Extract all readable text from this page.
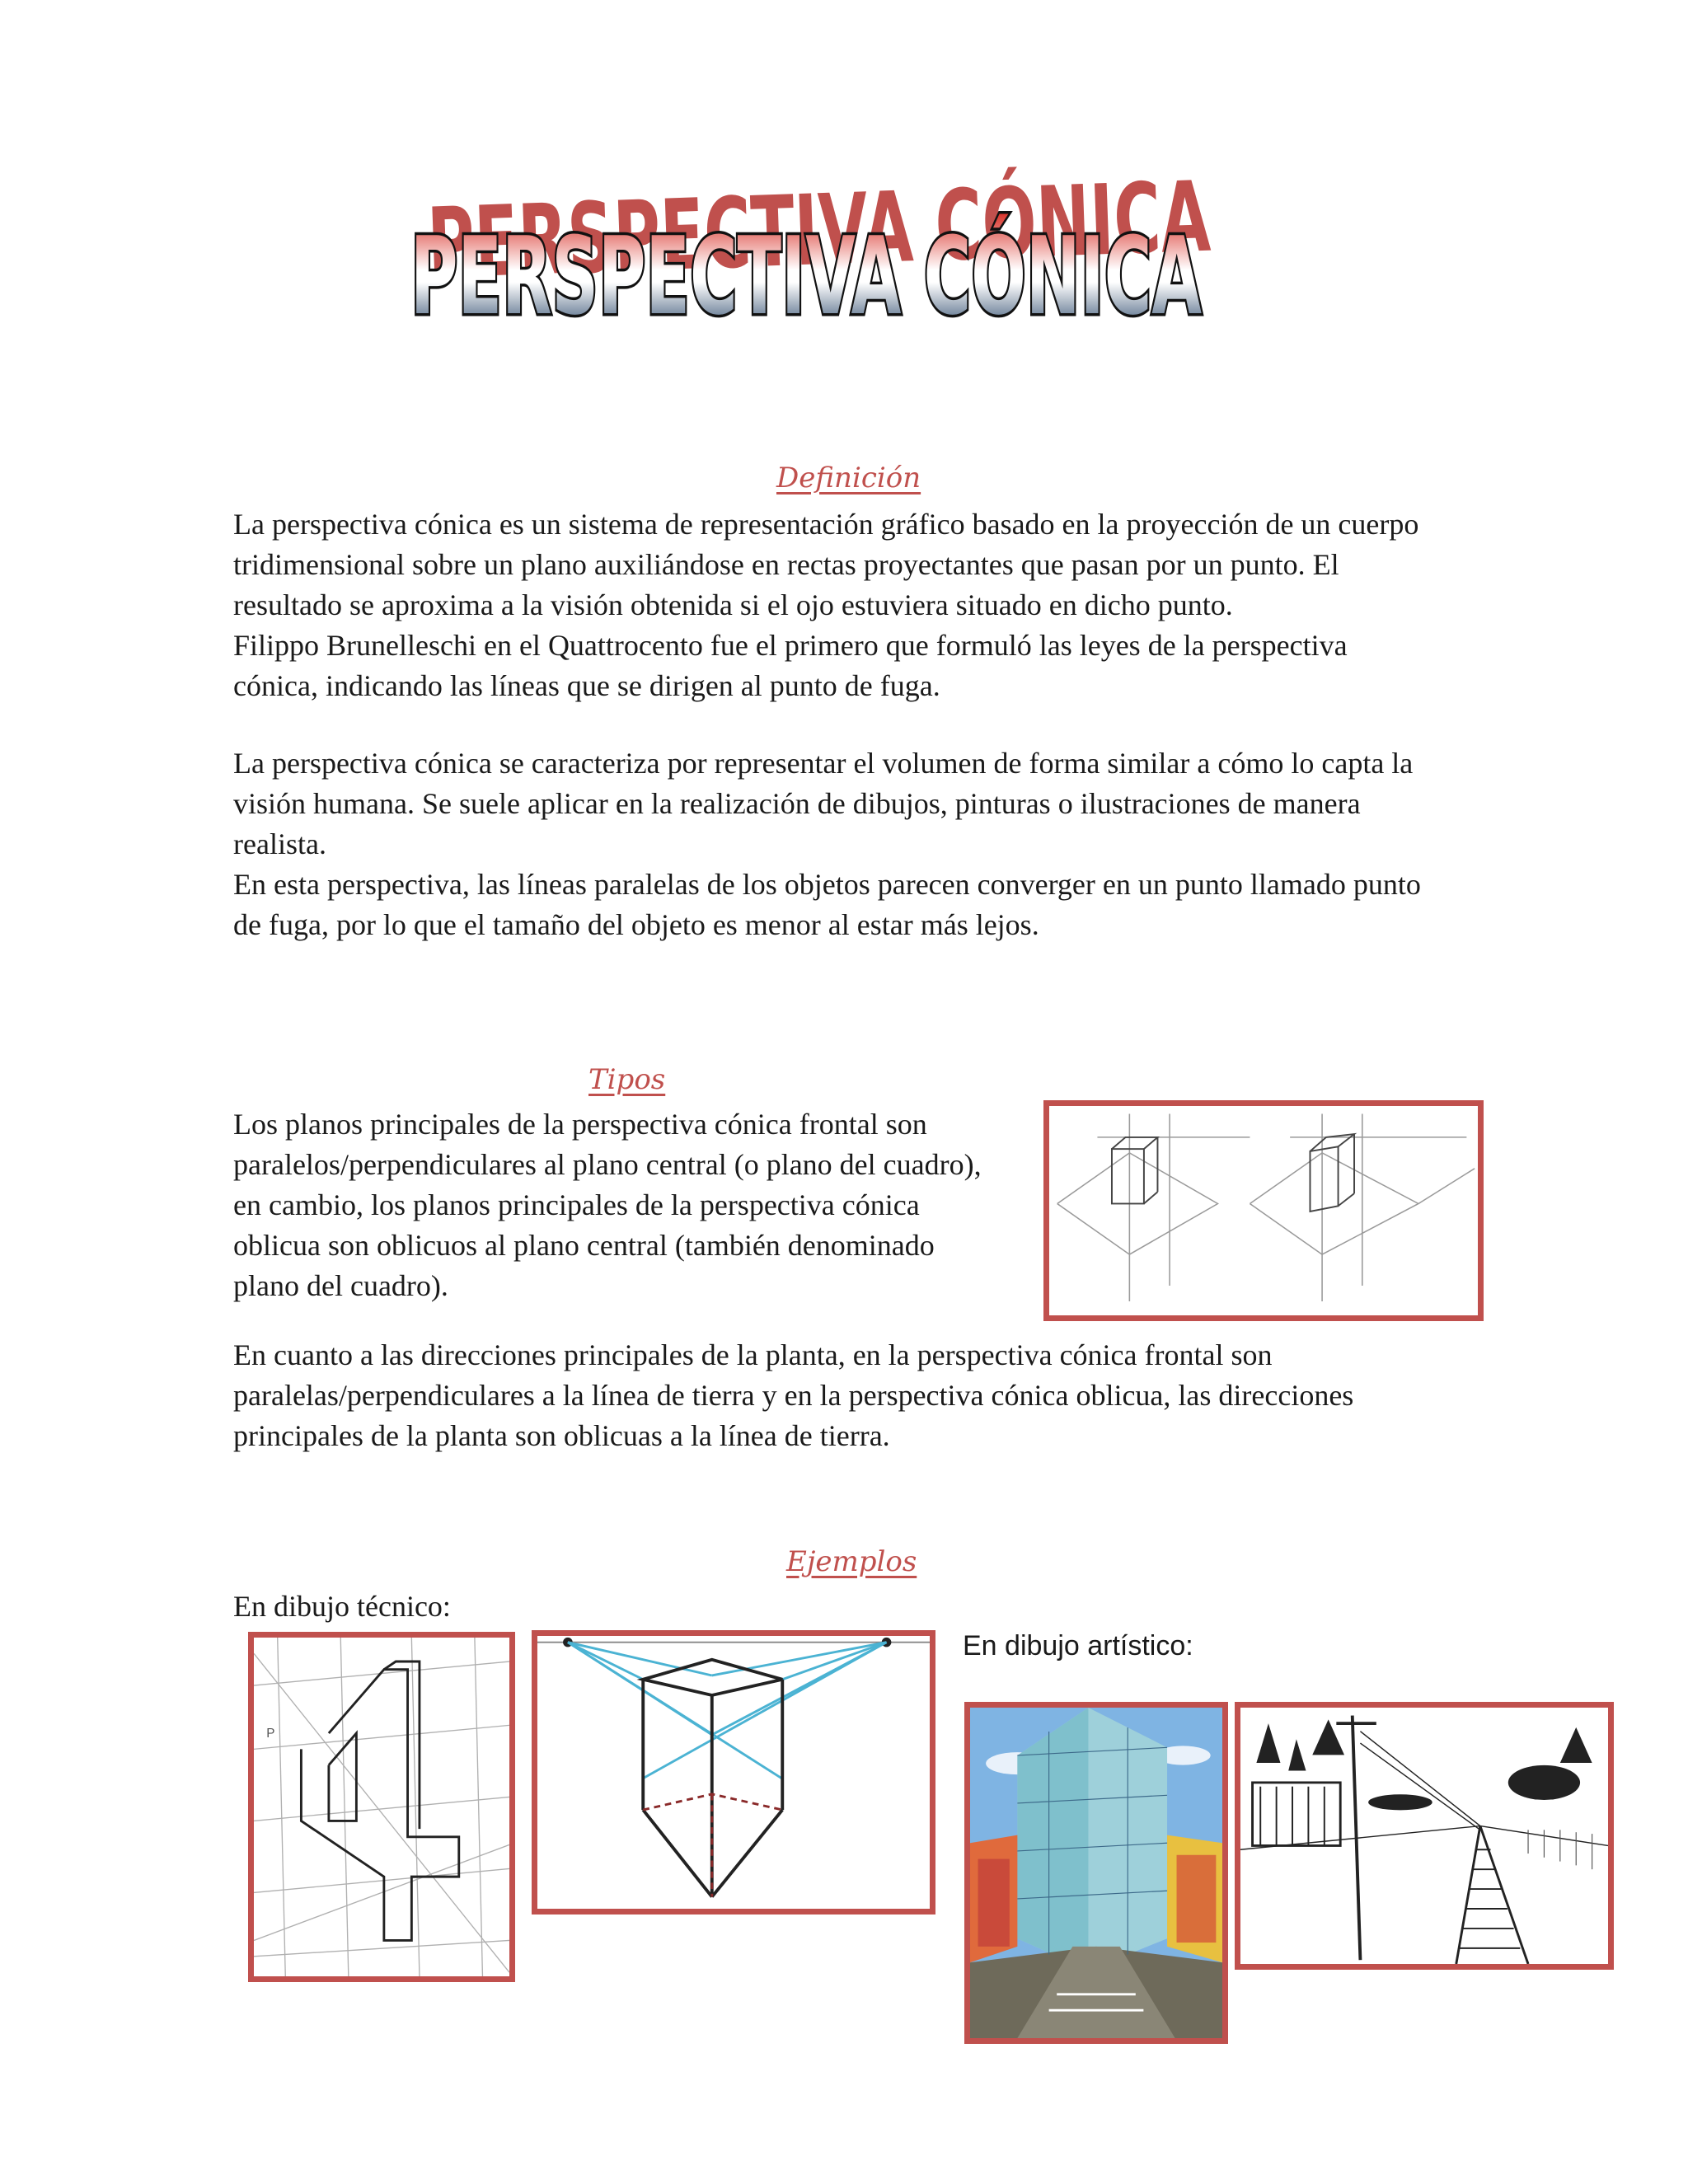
PERSPECTIVA CÓNICA
PERSPECTIVA CÓNICA
Definición

La perspectiva cónica es un sistema de representación gráfico basado en la proyección de un cuerpo

tridimensional sobre un plano auxiliándose en rectas proyectantes que pasan por un punto. El

resultado se aproxima a la visión obtenida si el ojo estuviera situado en dicho punto.

Filippo Brunelleschi en el Quattrocento fue el primero que formuló las leyes de la perspectiva

cónica, indicando las líneas que se dirigen al punto de fuga.

La perspectiva cónica se caracteriza por representar el volumen de forma similar a cómo lo capta la

visión humana. Se suele aplicar en la realización de dibujos, pinturas o ilustraciones de manera

realista.

En esta perspectiva, las líneas paralelas de los objetos parecen converger en un punto llamado punto

de fuga, por lo que el tamaño del objeto es menor al estar más lejos.

Tipos

Los planos principales de la perspectiva cónica frontal son

paralelos/perpendiculares al plano central (o plano del cuadro),

en cambio, los planos principales de la perspectiva cónica

oblicua son oblicuos al plano central (también denominado

plano del cuadro).

En cuanto a las direcciones principales de la planta, en la perspectiva cónica frontal son

paralelas/perpendiculares a la línea de tierra y en la perspectiva cónica oblicua, las direcciones

principales de la planta son oblicuas a la línea de tierra.

Ejemplos
En dibujo técnico:
En dibujo artístico:
P
